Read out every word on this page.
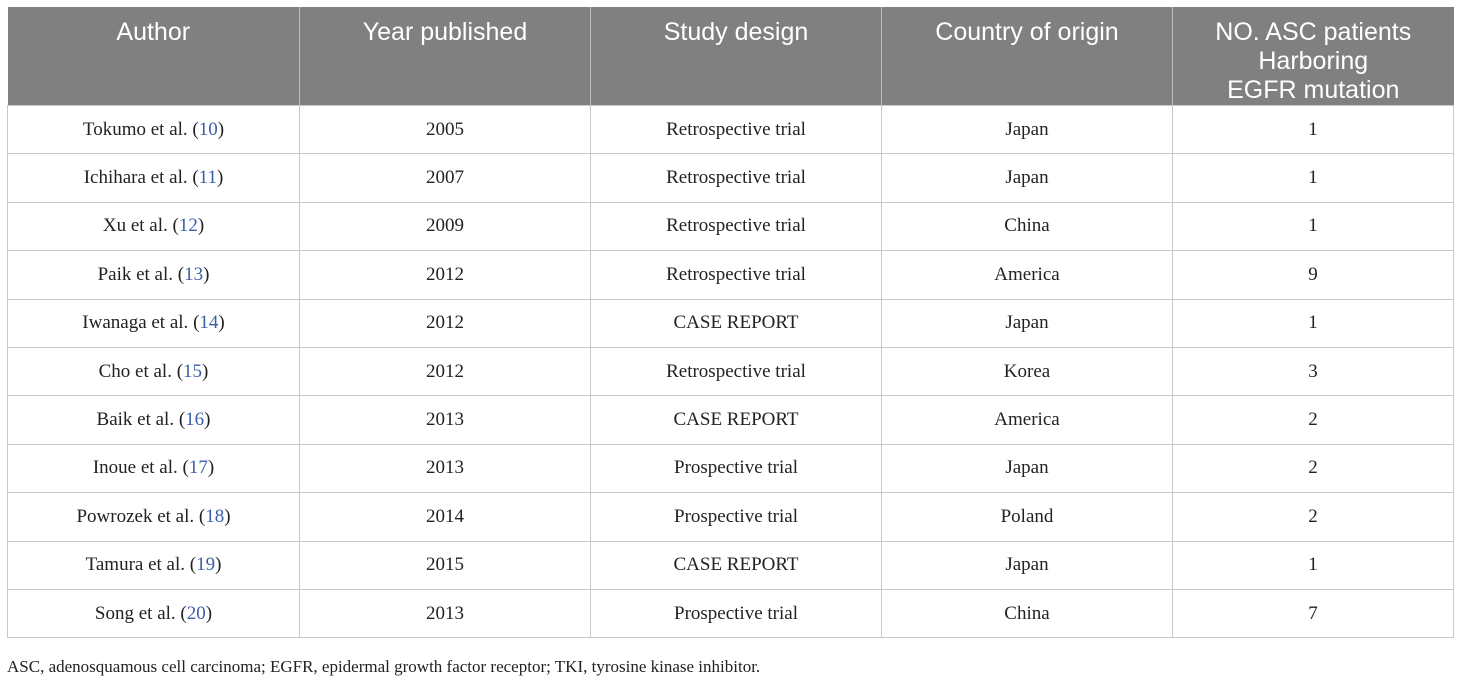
Author	Year published	Study design	Country of origin	NO. ASC patients
Harboring
EGFR mutation

Tokumo et al. (10)	2005	Retrospective trial	Japan	1
Ichihara et al. (11)	2007	Retrospective trial	Japan	1
Xu et al. (12)	2009	Retrospective trial	China	1
Paik et al. (13)	2012	Retrospective trial	America	9
Iwanaga et al. (14)	2012	CASE REPORT	Japan	1
Cho et al. (15)	2012	Retrospective trial	Korea	3
Baik et al. (16)	2013	CASE REPORT	America	2
Inoue et al. (17)	2013	Prospective trial	Japan	2
Powrozek et al. (18)	2014	Prospective trial	Poland	2
Tamura et al. (19)	2015	CASE REPORT	Japan	1
Song et al. (20)	2013	Prospective trial	China	7
ASC, adenosquamous cell carcinoma; EGFR, epidermal growth factor receptor; TKI, tyrosine kinase inhibitor.
